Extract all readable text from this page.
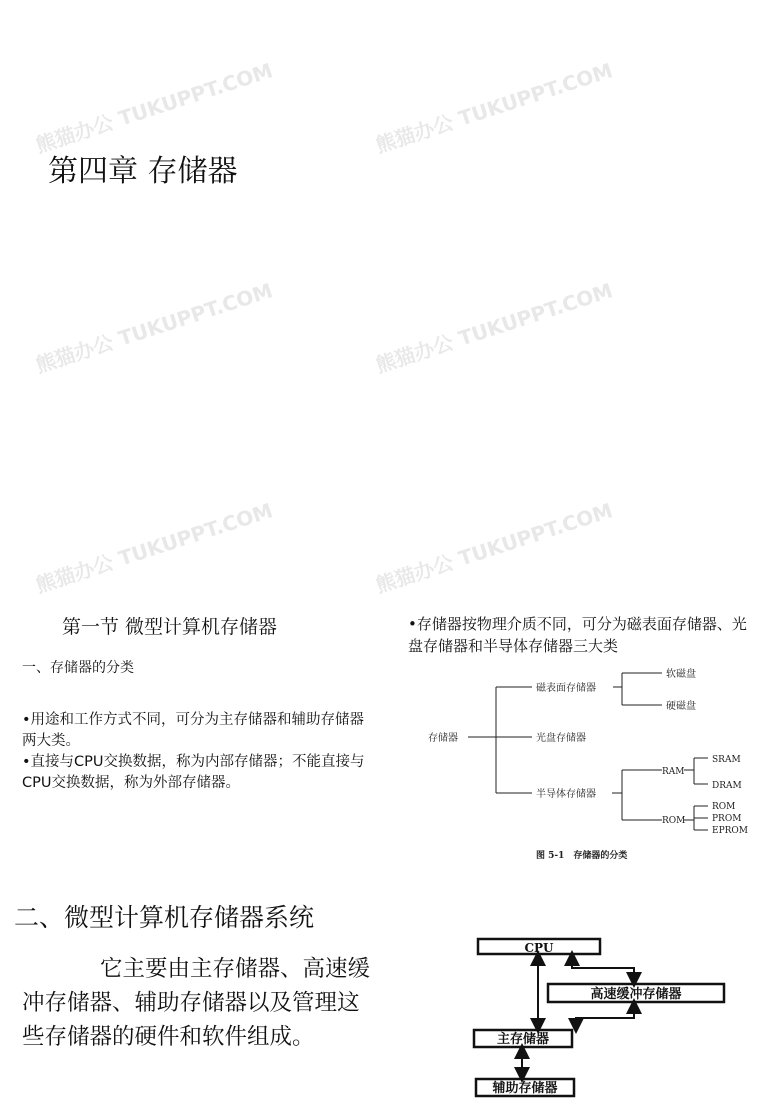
熊猫办公 TUKUPPT.COM
熊猫办公 TUKUPPT.COM
熊猫办公 TUKUPPT.COM
熊猫办公 TUKUPPT.COM
熊猫办公 TUKUPPT.COM
熊猫办公 TUKUPPT.COM
第四章 存储器
第一节 微型计算机存储器
一、存储器的分类
•用途和工作方式不同，可分为主存储器和辅助存储器两大类。
•直接与CPU交换数据，称为内部存储器；不能直接与CPU交换数据，称为外部存储器。
•存储器按物理介质不同，可分为磁表面存储器、光盘存储器和半导体存储器三大类
存储器
磁表面存储器
软磁盘
硬磁盘
光盘存储器
半导体存储器
RAM
SRAM
DRAM
ROM
ROM
PROM
EPROM
图 5-1　存储器的分类
二、微型计算机存储器系统
它主要由主存储器、高速缓冲存储器、辅助存储器以及管理这些存储器的硬件和软件组成。
CPU
高速缓冲存储器
主存储器
辅助存储器
